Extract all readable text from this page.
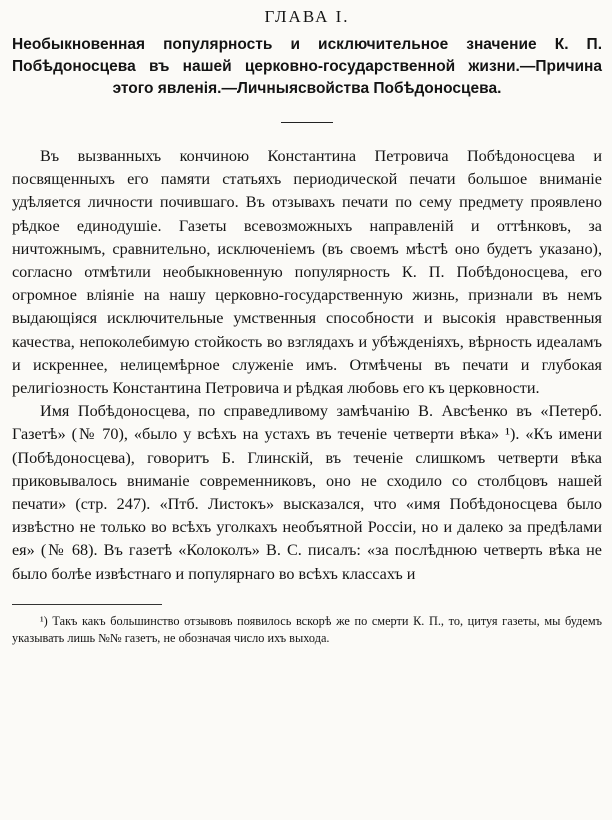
ГЛАВА I.
Необыкновенная популярность и исключительное значение К. П. Побѣдоносцева въ нашей церковно-государственной жизни.—Причина этого явленія.—Личныясвойства Побѣдоносцева.

Въ вызванныхъ кончиною Константина Петровича Побѣдоносцева и посвященныхъ его памяти статьяхъ периодической печати большое вниманіе удѣляется личности почившаго. Въ отзывахъ печати по сему предмету проявлено рѣдкое единодушіе. Газеты всевозможныхъ направленій и оттѣнковъ, за ничтожнымъ, сравнительно, исключеніемъ (въ своемъ мѣстѣ оно будетъ указано), согласно отмѣтили необыкновенную популярность К. П. Побѣдоносцева, его огромное вліяніе на нашу церковно-государственную жизнь, признали въ немъ выдающіяся исключительные умственныя способности и высокія нравственныя качества, непоколебимую стойкость во взглядахъ и убѣжденіяхъ, вѣрность идеаламъ и искреннее, нелицемѣрное служеніе имъ. Отмѣчены въ печати и глубокая религіозность Константина Петровича и рѣдкая любовь его къ церковности.

Имя Побѣдоносцева, по справедливому замѣчанію В. Авсѣенко въ «Петерб. Газетѣ» (№ 70), «было у всѣхъ на устахъ въ теченіе четверти вѣка» ¹). «Къ имени (Побѣдоносцева), говоритъ Б. Глинскій, въ теченіе слишкомъ четверти вѣка приковывалось вниманіе современниковъ, оно не сходило со столбцовъ нашей печати» (стр. 247). «Птб. Листокъ» высказался, что «имя Побѣдоносцева было извѣстно не только во всѣхъ уголкахъ необъятной Россіи, но и далеко за предѣлами ея» (№ 68). Въ газетѣ «Колоколъ» В. С. писалъ: «за послѣднюю четверть вѣка не было болѣе извѣстнаго и популярнаго во всѣхъ классахъ и

¹) Такъ какъ большинство отзывовъ появилось вскорѣ же по смерти К. П., то, цитуя газеты, мы будемъ указывать лишь №№ газетъ, не обозначая число ихъ выхода.
